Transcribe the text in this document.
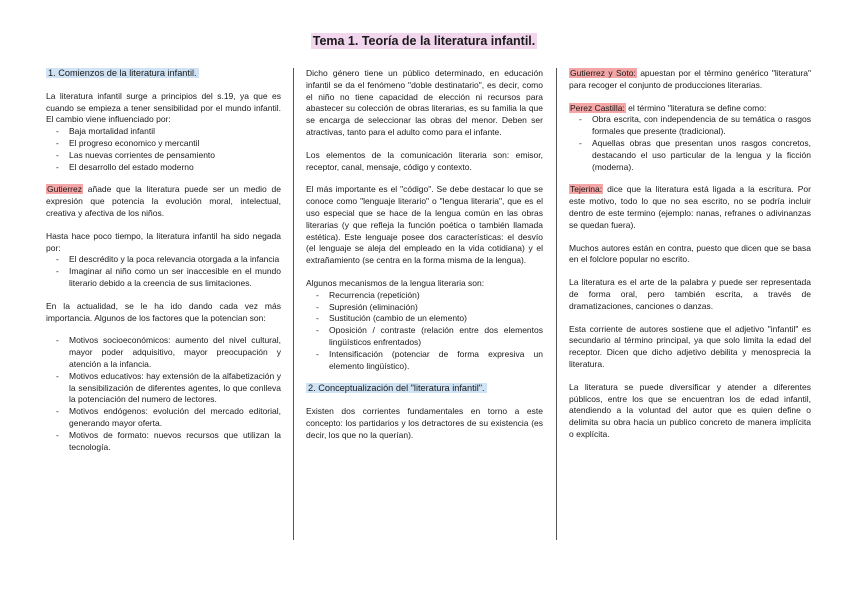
Tema 1. Teoría de la literatura infantil.

1. Comienzos de la literatura infantil.

La literatura infantil surge a principios del s.19, ya que es cuando se empieza a tener sensibilidad por el mundo infantil. El cambio viene influenciado por:

- Baja mortalidad infantil
- El progreso economico y mercantil
- Las nuevas corrientes de pensamiento
- El desarrollo del estado moderno

Gutierrez añade que la literatura puede ser un medio de expresión que potencia la evolución moral, intelectual, creativa y afectiva de los niños.

Hasta hace poco tiempo, la literatura infantil ha sido negada por:

- El descrédito y la poca relevancia otorgada a la infancia
- Imaginar al niño como un ser inaccesible en el mundo literario debido a la creencia de sus limitaciones.

En la actualidad, se le ha ido dando cada vez más importancia. Algunos de los factores que la potencian son:

- Motivos socioeconómicos: aumento del nivel cultural, mayor poder adquisitivo, mayor preocupación y atención a la infancia.
- Motivos educativos: hay extensión de la alfabetización y la sensibilización de diferentes agentes, lo que conlleva la potenciación del numero de lectores.
- Motivos endógenos: evolución del mercado editorial, generando mayor oferta.
- Motivos de formato: nuevos recursos que utilizan la tecnología.

Dicho género tiene un público determinado, en educación infantil se da el fenómeno "doble destinatario", es decir, como el niño no tiene capacidad de elección ni recursos para abastecer su colección de obras literarias, es su familia la que se encarga de seleccionar las obras del menor. Deben ser atractivas, tanto para el adulto como para el infante.

Los elementos de la comunicación literaria son: emisor, receptor, canal, mensaje, código y contexto.

El más importante es el "código". Se debe destacar lo que se conoce como "lenguaje literario" o "lengua literaria", que es el uso especial que se hace de la lengua común en las obras literarias (y que refleja la función poética o también llamada estética). Este lenguaje posee dos características: el desvío (el lenguaje se aleja del empleado en la vida cotidiana) y el extrañamiento (se centra en la forma misma de la lengua).

Algunos mecanismos de la lengua literaria son:

- Recurrencia (repetición)
- Supresión (eliminación)
- Sustitución (cambio de un elemento)
- Oposición / contraste (relación entre dos elementos lingüísticos enfrentados)
- Intensificación (potenciar de forma expresiva un elemento lingüístico).

2. Conceptualización del "literatura infantil".

Existen dos corrientes fundamentales en torno a este concepto: los partidarios y los detractores de su existencia (es decir, los que no la querían).

Gutierrez y Soto: apuestan por el término genérico "literatura" para recoger el conjunto de producciones literarias.

Perez Castilla: el término "literatura se define como:

- Obra escrita, con independencia de su temática o rasgos formales que presente (tradicional).
- Aquellas obras que presentan unos rasgos concretos, destacando el uso particular de la lengua y la ficción (moderna).

Tejerina: dice que la literatura está ligada a la escritura. Por este motivo, todo lo que no sea escrito, no se podría incluir dentro de este termino (ejemplo: nanas, refranes o adivinanzas se quedan fuera).

Muchos autores están en contra, puesto que dicen que se basa en el folclore popular no escrito.

La literatura es el arte de la palabra y puede ser representada de forma oral, pero también escrita, a través de dramatizaciones, canciones o danzas.

Esta corriente de autores sostiene que el adjetivo "infantil" es secundario al término principal, ya que solo limita la edad del receptor. Dicen que dicho adjetivo debilita y menosprecia la literatura.

La literatura se puede diversificar y atender a diferentes públicos, entre los que se encuentran los de edad infantil, atendiendo a la voluntad del autor que es quien define o delimita su obra hacia un publico concreto de manera implícita o explícita.
